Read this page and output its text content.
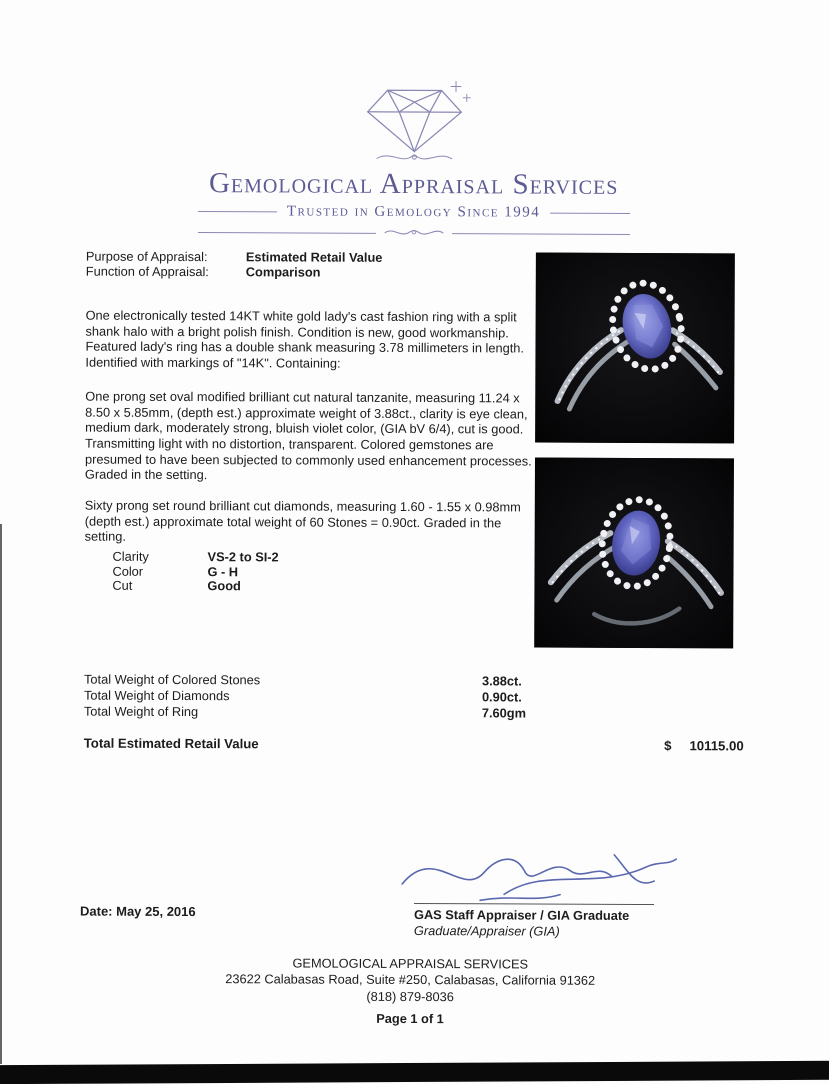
Gemological Appraisal Services
Trusted in Gemology Since 1994
Purpose of Appraisal:	Estimated Retail Value
Function of Appraisal:	Comparison

One electronically tested 14KT white gold lady's cast fashion ring with a split shank halo with a bright polish finish. Condition is new, good workmanship. Featured lady's ring has a double shank measuring 3.78 millimeters in length. Identified with markings of "14K". Containing:

One prong set oval modified brilliant cut natural tanzanite, measuring 11.24 x 8.50 x 5.85mm, (depth est.) approximate weight of 3.88ct., clarity is eye clean, medium dark, moderately strong, bluish violet color, (GIA bV 6/4), cut is good. Transmitting light with no distortion, transparent. Colored gemstones are presumed to have been subjected to commonly used enhancement processes. Graded in the setting.

Sixty prong set round brilliant cut diamonds, measuring 1.60 - 1.55 x 0.98mm (depth est.) approximate total weight of 60 Stones = 0.90ct. Graded in the setting.

Clarity	VS-2 to SI-2
Color	G - H
Cut	Good
Total Weight of Colored Stones	3.88ct.
Total Weight of Diamonds	0.90ct.
Total Weight of Ring	7.60gm
Total Estimated Retail Value	$ 10115.00
Date: May 25, 2016	GAS Staff Appraiser / GIA Graduate
Graduate/Appraiser (GIA)
GEMOLOGICAL APPRAISAL SERVICES
23622 Calabasas Road, Suite #250, Calabasas, California 91362
(818) 879-8036
Page 1 of 1
